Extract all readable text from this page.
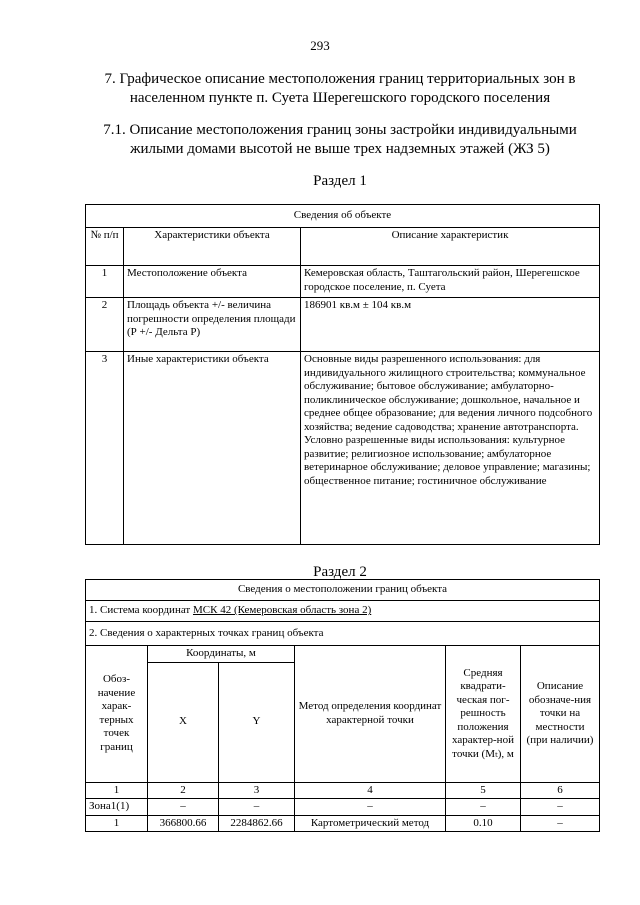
293
7. Графическое описание местоположения границ территориальных зон в населенном пункте п. Суета Шерегешского городского поселения
7.1. Описание местоположения границ зоны застройки индивидуальными жилыми домами высотой не выше трех надземных этажей (ЖЗ 5)
Раздел 1
Сведения об объекте		
№ п/п	Характеристики объекта	Описание характеристик
1	Местоположение объекта	Кемеровская область, Таштагольский район, Шерегешское городское поселение, п. Суета
2	Площадь объекта +/- величина погрешности определения площади (Р +/- Дельта Р)	186901 кв.м ± 104 кв.м
3	Иные характеристики объекта	Основные виды разрешенного использования: для индивидуального жилищного строительства; коммунальное обслуживание; бытовое обслуживание; амбулаторно-поликлиническое обслуживание; дошкольное, начальное и среднее общее образование; для ведения личного подсобного хозяйства; ведение садоводства; хранение автотранспорта.
Условно разрешенные виды использования: культурное развитие; религиозное использование; амбулаторное ветеринарное обслуживание; деловое управление; магазины; общественное питание; гостиничное обслуживание
Раздел 2
Сведения о местоположении границ объекта					
1. Система координат МСК 42 (Кемеровская область зона 2)					
2. Сведения о характерных точках границ объекта					
Обоз-начение харак-терных точек границ	Координаты, м		Метод определения координат характерной точки	Средняя квадрати-ческая пог-решность положения характер-ной точки (Mₜ), м	Описание обозначе-ния точки на местности (при наличии)
	X	Y			
1	2	3	4	5	6
Зона1(1)	–	–	–	–	–
1	366800.66	2284862.66	Картометрический метод	0.10	–
